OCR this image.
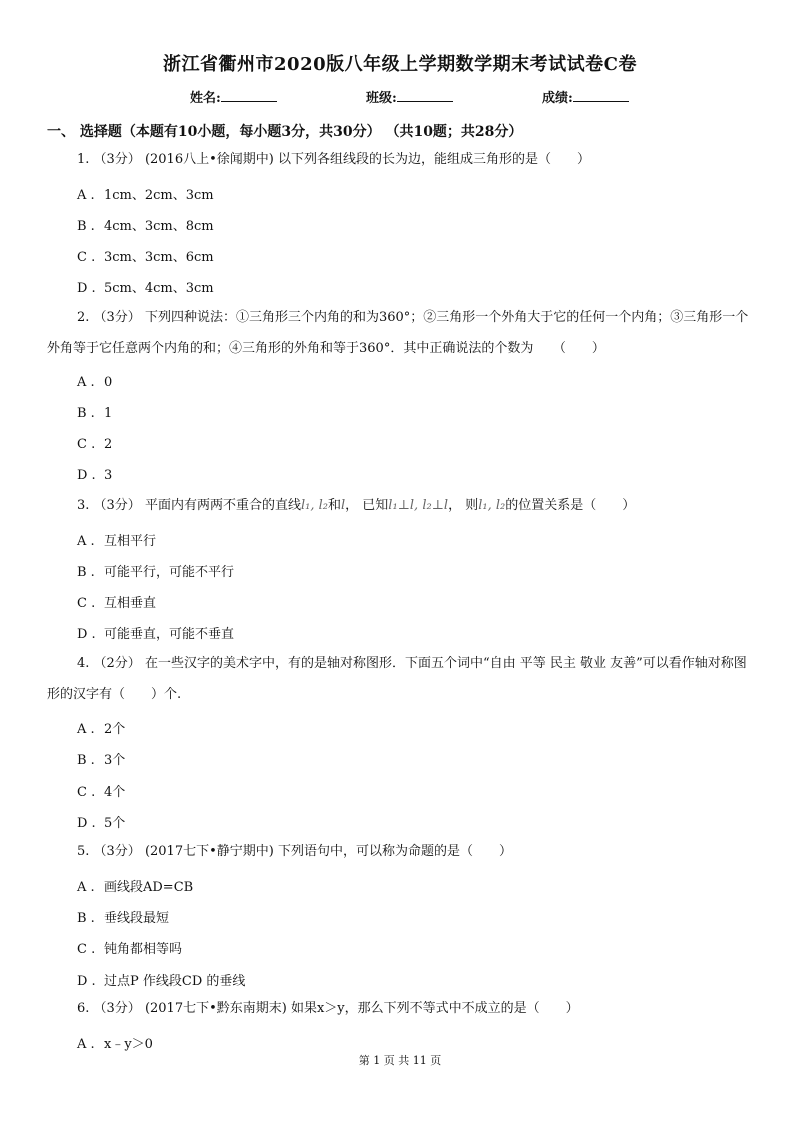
浙江省衢州市2020版八年级上学期数学期末考试试卷C卷
姓名:	班级:	成绩:
一、 选择题（本题有10小题，每小题3分，共30分） （共10题；共28分）
1. （3分） (2016八上•徐闻期中) 以下列各组线段的长为边，能组成三角形的是（　　）
A . 1cm、2cm、3cm
B . 4cm、3cm、8cm
C . 3cm、3cm、6cm
D . 5cm、4cm、3cm
2. （3分） 下列四种说法：①三角形三个内角的和为360°；②三角形一个外角大于它的任何一个内角；③三角形一个外角等于它任意两个内角的和；④三角形的外角和等于360°．其中正确说法的个数为　　（　　）
A . 0
B . 1
C . 2
D . 3
3. （3分） 平面内有两两不重合的直线l₁, l₂和l， 已知l₁⊥l, l₂⊥l， 则l₁, l₂的位置关系是（　　）
A . 互相平行
B . 可能平行，可能不平行
C . 互相垂直
D . 可能垂直，可能不垂直
4. （2分） 在一些汉字的美术字中，有的是轴对称图形．下面五个词中“自由 平等 民主 敬业 友善”可以看作轴对称图形的汉字有（　　）个.
A . 2个
B . 3个
C . 4个
D . 5个
5. （3分） (2017七下•静宁期中) 下列语句中，可以称为命题的是（　　）
A . 画线段AD=CB
B . 垂线段最短
C . 钝角都相等吗
D . 过点P 作线段CD 的垂线
6. （3分） (2017七下•黔东南期末) 如果x＞y，那么下列不等式中不成立的是（　　）
A . x﹣y＞0
第 1 页 共 11 页
